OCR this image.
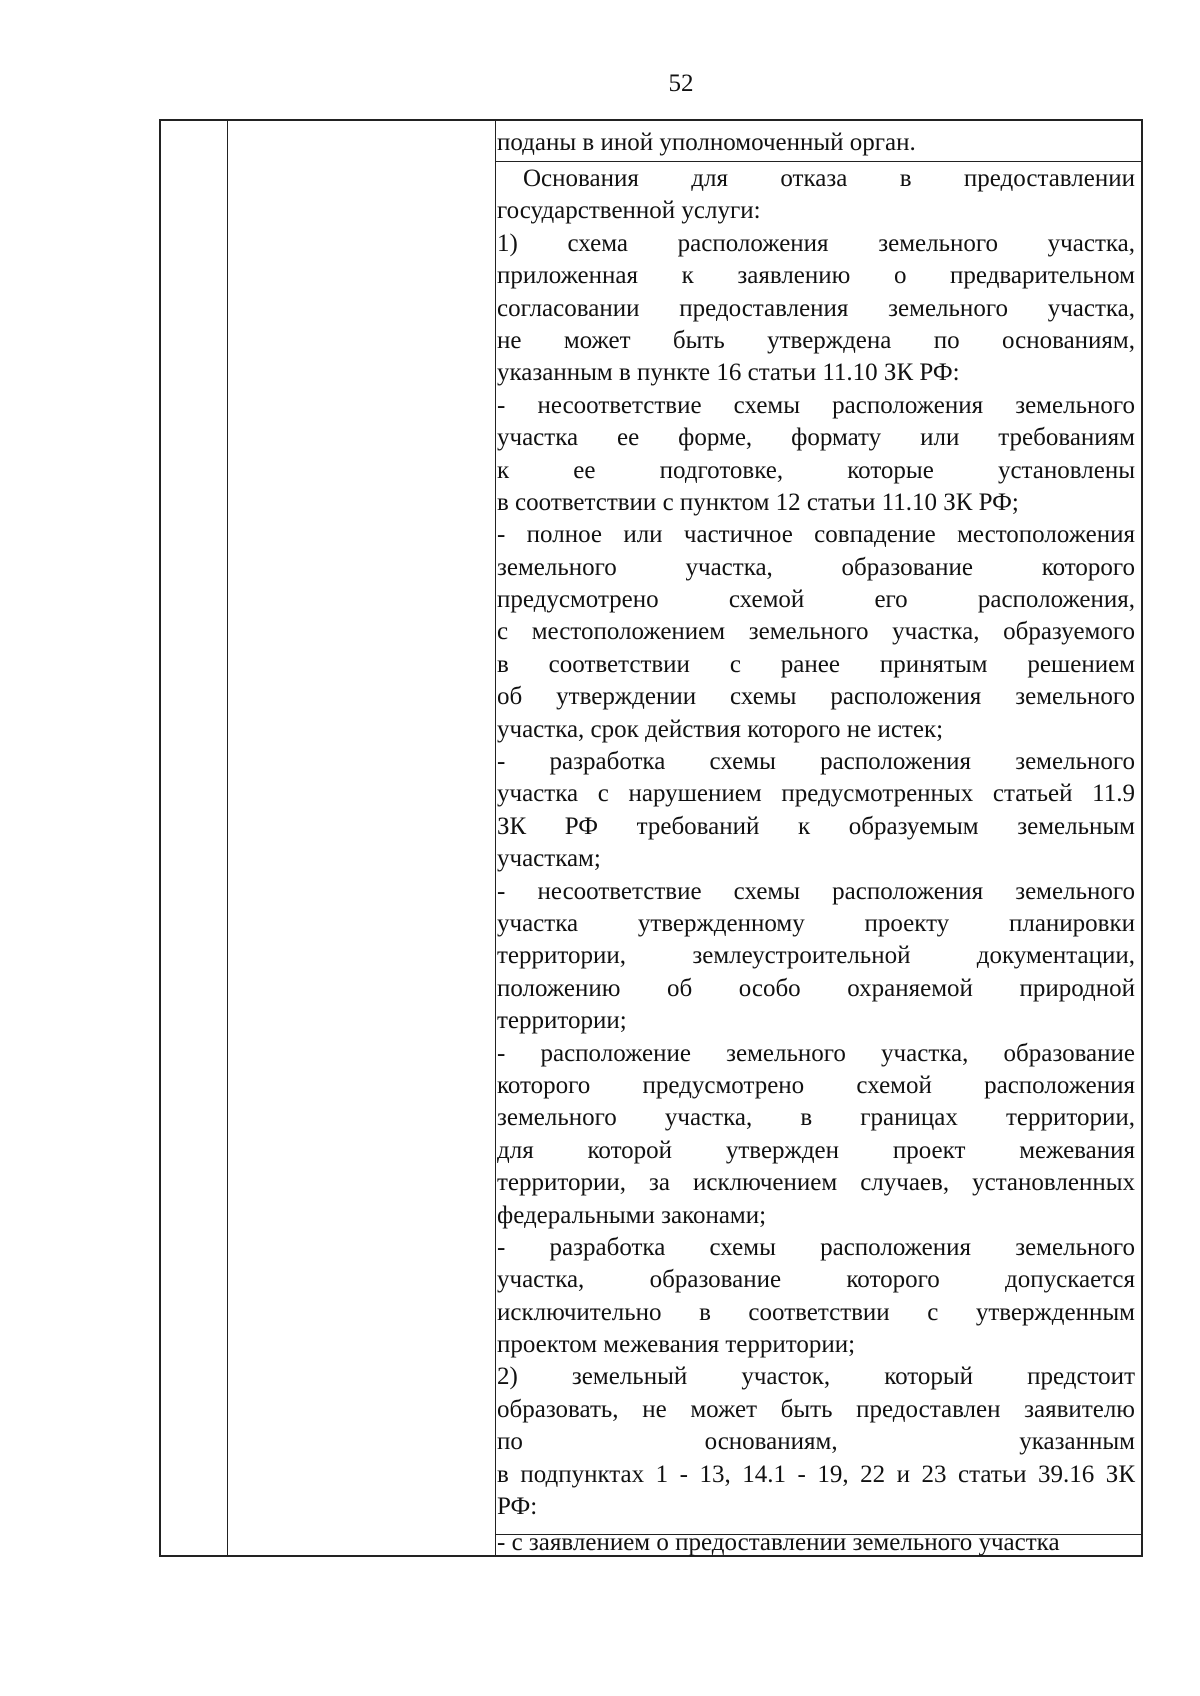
52
поданы в иной уполномоченный орган.
Основания для отказа в предоставлении
государственной услуги:
1) схема расположения земельного участка,
приложенная к заявлению о предварительном
согласовании предоставления земельного участка,
не может быть утверждена по основаниям,
указанным в пункте 16 статьи 11.10 ЗК РФ:
- несоответствие схемы расположения земельного
участка ее форме, формату или требованиям
к ее подготовке, которые установлены
в соответствии с пунктом 12 статьи 11.10 ЗК РФ;
- полное или частичное совпадение местоположения
земельного участка, образование которого
предусмотрено схемой его расположения,
с местоположением земельного участка, образуемого
в соответствии с ранее принятым решением
об утверждении схемы расположения земельного
участка, срок действия которого не истек;
- разработка схемы расположения земельного
участка с нарушением предусмотренных статьей 11.9
ЗК РФ требований к образуемым земельным
участкам;
- несоответствие схемы расположения земельного
участка утвержденному проекту планировки
территории, землеустроительной документации,
положению об особо охраняемой природной
территории;
- расположение земельного участка, образование
которого предусмотрено схемой расположения
земельного участка, в границах территории,
для которой утвержден проект межевания
территории, за исключением случаев, установленных
федеральными законами;
- разработка схемы расположения земельного
участка, образование которого допускается
исключительно в соответствии с утвержденным
проектом межевания территории;
2) земельный участок, который предстоит
образовать, не может быть предоставлен заявителю
по основаниям, указанным
в подпунктах 1 - 13, 14.1 - 19, 22 и 23 статьи 39.16 ЗК
РФ:
- с заявлением о предоставлении земельного участка
